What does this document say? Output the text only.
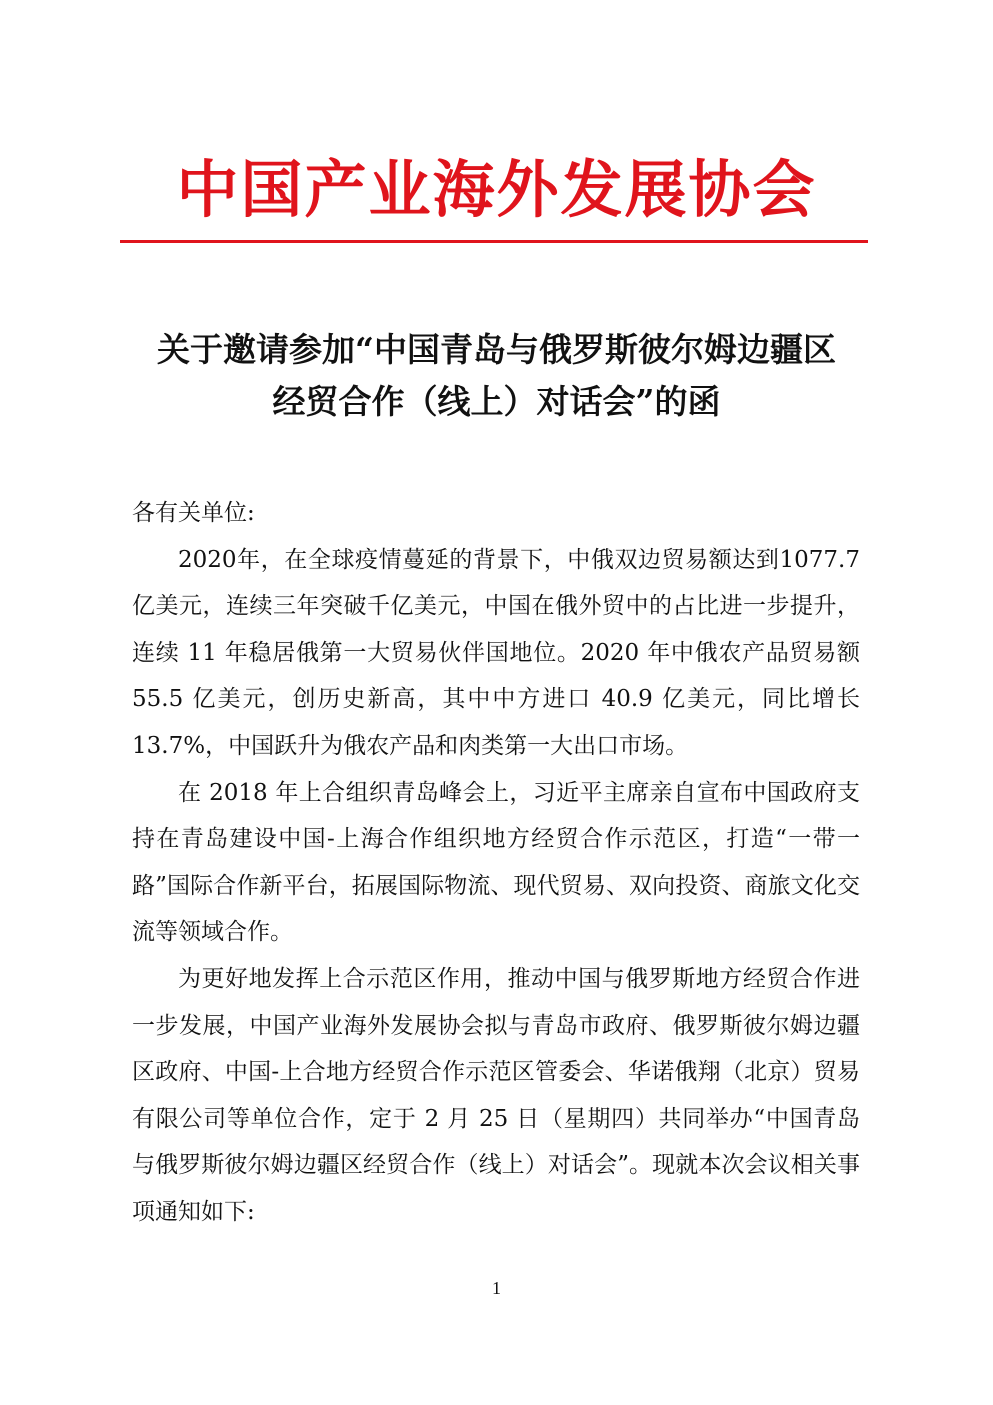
中国产业海外发展协会
关于邀请参加“中国青岛与俄罗斯彼尔姆边疆区
经贸合作（线上）对话会”的函

各有关单位:

2020年，在全球疫情蔓延的背景下，中俄双边贸易额达到1077.7亿美元，连续三年突破千亿美元，中国在俄外贸中的占比进一步提升，连续 11 年稳居俄第一大贸易伙伴国地位。2020 年中俄农产品贸易额 55.5 亿美元，创历史新高，其中中方进口 40.9 亿美元，同比增长 13.7%，中国跃升为俄农产品和肉类第一大出口市场。

在 2018 年上合组织青岛峰会上，习近平主席亲自宣布中国政府支持在青岛建设中国-上海合作组织地方经贸合作示范区，打造“一带一路”国际合作新平台，拓展国际物流、现代贸易、双向投资、商旅文化交流等领域合作。

为更好地发挥上合示范区作用，推动中国与俄罗斯地方经贸合作进一步发展，中国产业海外发展协会拟与青岛市政府、俄罗斯彼尔姆边疆区政府、中国-上合地方经贸合作示范区管委会、华诺俄翔（北京）贸易有限公司等单位合作，定于 2 月 25 日（星期四）共同举办“中国青岛与俄罗斯彼尔姆边疆区经贸合作（线上）对话会”。现就本次会议相关事项通知如下:

1
